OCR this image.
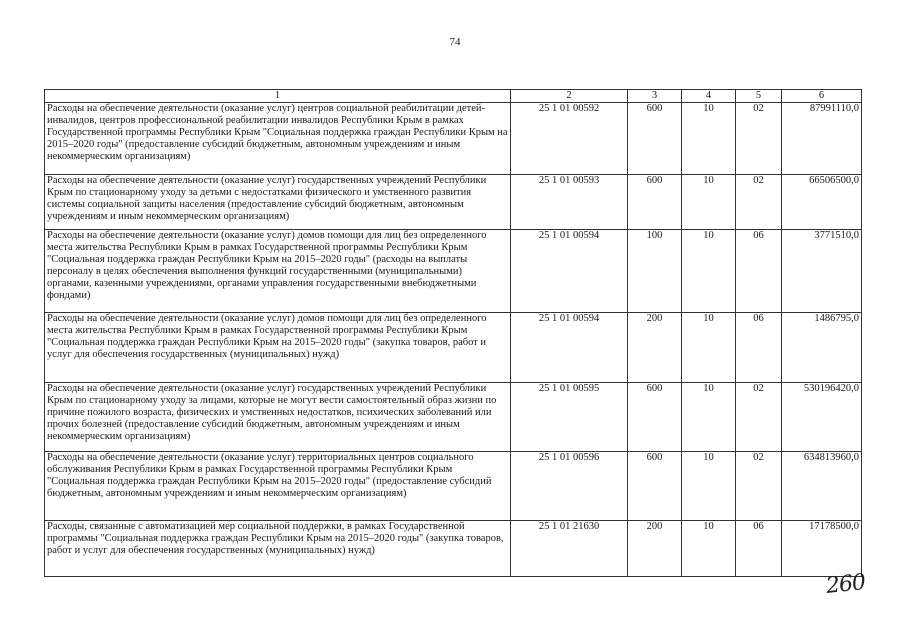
74
1	2	3	4	5	6
Расходы на обеспечение деятельности (оказание услуг) центров социальной реабилитации детей-инвалидов, центров профессиональной реабилитации инвалидов Республики Крым в рамках Государственной программы Республики Крым "Социальная поддержка граждан Республики Крым на 2015–2020 годы" (предоставление субсидий бюджетным, автономным учреждениям и иным некоммерческим организациям)	25 1 01 00592	600	10	02	87991110,0
Расходы на обеспечение деятельности (оказание услуг) государственных учреждений Республики Крым по стационарному уходу за детьми с недостатками физического и умственного развития системы социальной защиты населения (предоставление субсидий бюджетным, автономным учреждениям и иным некоммерческим организациям)	25 1 01 00593	600	10	02	66506500,0
Расходы на обеспечение деятельности (оказание услуг) домов помощи для лиц без определенного места жительства Республики Крым в рамках Государственной программы Республики Крым "Социальная поддержка граждан Республики Крым на 2015–2020 годы" (расходы на выплаты персоналу в целях обеспечения выполнения функций государственными (муниципальными) органами, казенными учреждениями, органами управления государственными внебюджетными фондами)	25 1 01 00594	100	10	06	3771510,0
Расходы на обеспечение деятельности (оказание услуг) домов помощи для лиц без определенного места жительства Республики Крым в рамках Государственной программы Республики Крым "Социальная поддержка граждан Республики Крым на 2015–2020 годы" (закупка товаров, работ и услуг для обеспечения государственных (муниципальных) нужд)	25 1 01 00594	200	10	06	1486795,0
Расходы на обеспечение деятельности (оказание услуг) государственных учреждений Республики Крым по стационарному уходу за лицами, которые не могут вести самостоятельный образ жизни по причине пожилого возраста, физических и умственных недостатков, психических заболеваний или прочих болезней (предоставление субсидий бюджетным, автономным учреждениям и иным некоммерческим организациям)	25 1 01 00595	600	10	02	530196420,0
Расходы на обеспечение деятельности (оказание услуг) территориальных центров социального обслуживания Республики Крым в рамках Государственной программы Республики Крым "Социальная поддержка граждан Республики Крым на 2015–2020 годы" (предоставление субсидий бюджетным, автономным учреждениям и иным некоммерческим организациям)	25 1 01 00596	600	10	02	634813960,0
Расходы, связанные с автоматизацией мер социальной поддержки, в рамках Государственной программы "Социальная поддержка граждан Республики Крым на 2015–2020 годы" (закупка товаров, работ и услуг для обеспечения государственных (муниципальных) нужд)	25 1 01 21630	200	10	06	17178500,0
260
